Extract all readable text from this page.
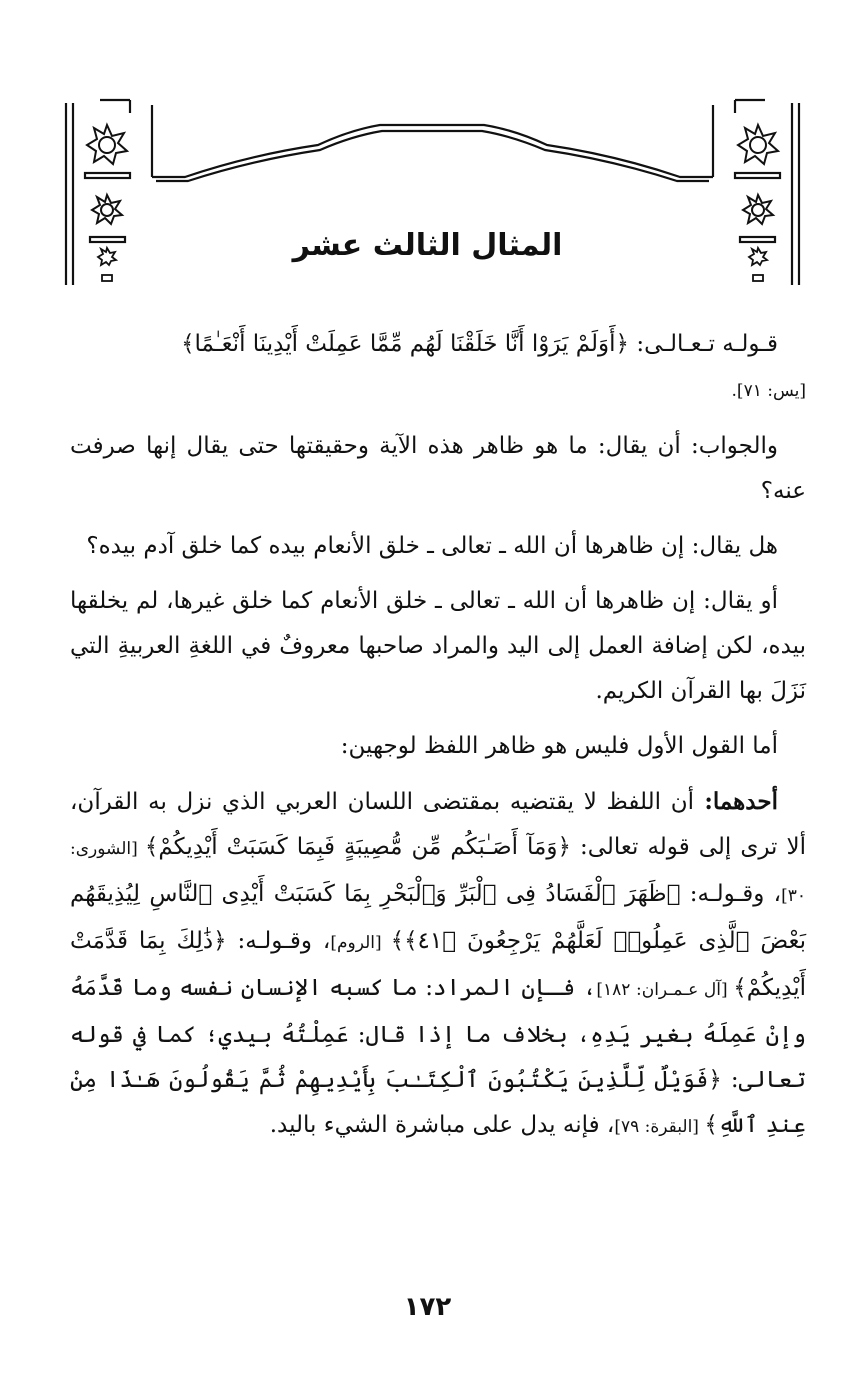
المثال الثالث عشر

قـولـه تـعـالـى: ﴿أَوَلَمْ يَرَوْا أَنَّا خَلَقْنَا لَهُم مِّمَّا عَمِلَتْ أَيْدِينَا أَنْعَـٰمًا﴾
[يس: ٧١].

والجواب: أن يقال: ما هو ظاهر هذه الآية وحقيقتها حتى يقال إنها صرفت عنه؟

هل يقال: إن ظاهرها أن الله ـ تعالى ـ خلق الأنعام بيده كما خلق آدم بيده؟

أو يقال: إن ظاهرها أن الله ـ تعالى ـ خلق الأنعام كما خلق غيرها، لم يخلقها بيده، لكن إضافة العمل إلى اليد والمراد صاحبها معروفٌ في اللغةِ العربيةِ التي نَزَلَ بها القرآن الكريم.

أما القول الأول فليس هو ظاهر اللفظ لوجهين:

أحدهما: أن اللفظ لا يقتضيه بمقتضى اللسان العربي الذي نزل به القرآن، ألا ترى إلى قوله تعالى: ﴿وَمَآ أَصَـٰبَكُم مِّن مُّصِيبَةٍ فَبِمَا كَسَبَتْ أَيْدِيكُمْ﴾ [الشورى: ٣٠]، وقـولـه: ﴿ظَهَرَ ٱلْفَسَادُ فِى ٱلْبَرِّ وَٱلْبَحْرِ بِمَا كَسَبَتْ أَيْدِى ٱلنَّاسِ لِيُذِيقَهُم بَعْضَ ٱلَّذِى عَمِلُوا۟ لَعَلَّهُمْ يَرْجِعُونَ ﴿٤١﴾﴾ [الروم]، وقـولـه: ﴿ذَٰلِكَ بِمَا قَدَّمَتْ أَيْدِيكُمْ﴾ [آل عـمـران: ١٨٢]، فـإن المراد: ما كسبه الإنسان نفسه وما قَدَّمَهُ وإنْ عَمِلَهُ بغير يَدِهِ، بخلاف ما إذا قال: عَمِلْتُهُ بيدي؛ كما في قوله تعالى: ﴿فَوَيْلٌ لِّلَّذِينَ يَكْتُبُونَ ٱلْكِتَـٰبَ بِأَيْدِيهِمْ ثُمَّ يَقُولُونَ هَـٰذَا مِنْ عِندِ ٱللَّهِ﴾ [البقرة: ٧٩]، فإنه يدل على مباشرة الشيء باليد.

١٧٢
